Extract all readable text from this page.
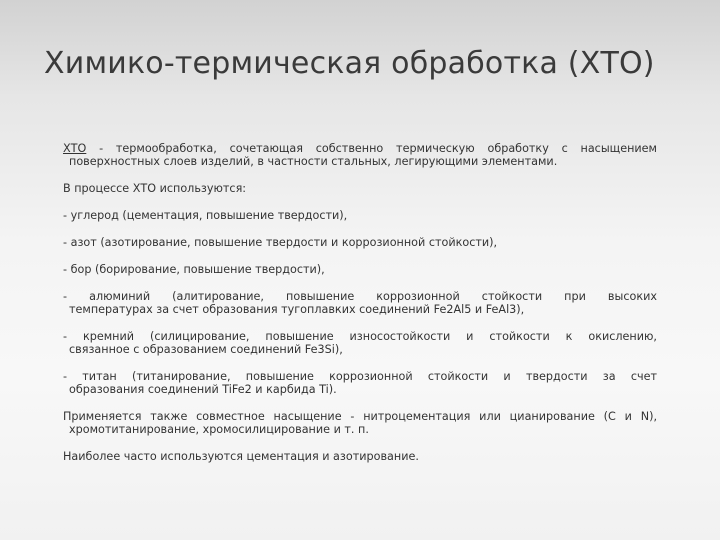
Химико-термическая обработка (ХТО)
ХТО - термообработка, сочетающая собственно термическую обработку с насыщением
поверхностных слоев изделий, в частности стальных, легирующими элементами.
В процессе ХТО используются:
- углерод (цементация, повышение твердости),
- азот (азотирование, повышение твердости и коррозионной стойкости),
- бор (борирование, повышение твердости),
- алюминий (алитирование, повышение коррозионной стойкости при высоких
температурах за счет образования тугоплавких соединений Fe2Al5 и FeAl3),
- кремний (силицирование, повышение износостойкости и стойкости к окислению,
связанное с образованием соединений Fe3Si),
- титан (титанирование, повышение коррозионной стойкости и твердости за счет
образования соединений TiFe2 и карбида Ti).
Применяется также совместное насыщение - нитроцементация или цианирование (C и N),
хромотитанирование, хромосилицирование и т. п.
Наиболее часто используются цементация и азотирование.
